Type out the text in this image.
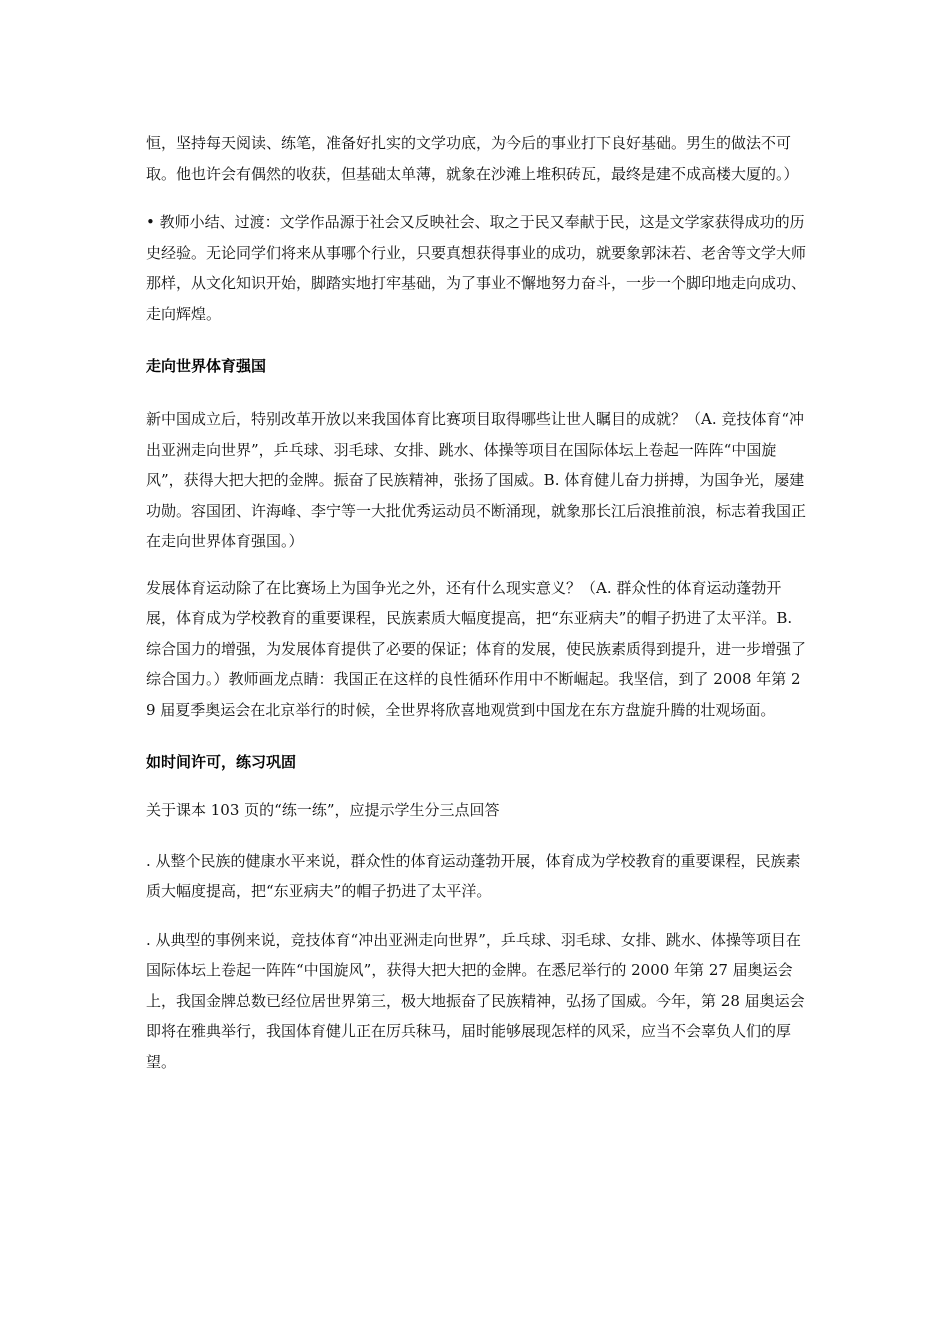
恒，坚持每天阅读、练笔，准备好扎实的文学功底，为今后的事业打下良好基础。男生的做法不可取。他也许会有偶然的收获，但基础太单薄，就象在沙滩上堆积砖瓦，最终是建不成高楼大厦的。）

• 教师小结、过渡：文学作品源于社会又反映社会、取之于民又奉献于民，这是文学家获得成功的历史经验。无论同学们将来从事哪个行业，只要真想获得事业的成功，就要象郭沫若、老舍等文学大师那样，从文化知识开始，脚踏实地打牢基础，为了事业不懈地努力奋斗，一步一个脚印地走向成功、走向辉煌。

走向世界体育强国

新中国成立后，特别改革开放以来我国体育比赛项目取得哪些让世人瞩目的成就？（A. 竞技体育“冲出亚洲走向世界”，乒乓球、羽毛球、女排、跳水、体操等项目在国际体坛上卷起一阵阵“中国旋风”，获得大把大把的金牌。振奋了民族精神，张扬了国威。B. 体育健儿奋力拼搏，为国争光，屡建功勋。容国团、许海峰、李宁等一大批优秀运动员不断涌现，就象那长江后浪推前浪，标志着我国正在走向世界体育强国。）

发展体育运动除了在比赛场上为国争光之外，还有什么现实意义？（A. 群众性的体育运动蓬勃开展，体育成为学校教育的重要课程，民族素质大幅度提高，把“东亚病夫”的帽子扔进了太平洋。B. 综合国力的增强，为发展体育提供了必要的保证；体育的发展，使民族素质得到提升，进一步增强了综合国力。）教师画龙点睛：我国正在这样的良性循环作用中不断崛起。我坚信，到了 2008 年第 29 届夏季奥运会在北京举行的时候，全世界将欣喜地观赏到中国龙在东方盘旋升腾的壮观场面。

如时间许可，练习巩固

关于课本 103 页的“练一练”，应提示学生分三点回答

. 从整个民族的健康水平来说，群众性的体育运动蓬勃开展，体育成为学校教育的重要课程，民族素质大幅度提高，把“东亚病夫”的帽子扔进了太平洋。

. 从典型的事例来说，竞技体育“冲出亚洲走向世界”，乒乓球、羽毛球、女排、跳水、体操等项目在国际体坛上卷起一阵阵“中国旋风”，获得大把大把的金牌。在悉尼举行的 2000 年第 27 届奥运会上，我国金牌总数已经位居世界第三，极大地振奋了民族精神，弘扬了国威。今年，第 28 届奥运会即将在雅典举行，我国体育健儿正在厉兵秣马，届时能够展现怎样的风采，应当不会辜负人们的厚望。
